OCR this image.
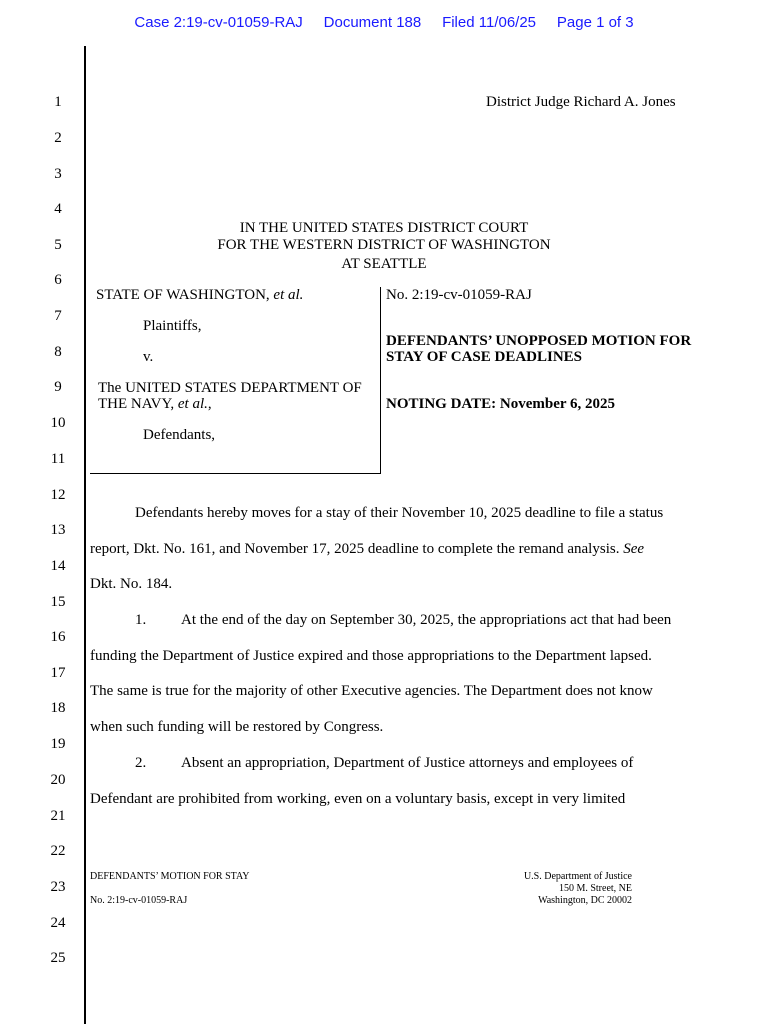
Case 2:19-cv-01059-RAJ Document 188 Filed 11/06/25 Page 1 of 3
1
2
3
4
5
6
7
8
9
10
11
12
13
14
15
16
17
18
19
20
21
22
23
24
25
District Judge Richard A. Jones
IN THE UNITED STATES DISTRICT COURT
FOR THE WESTERN DISTRICT OF WASHINGTON
AT SEATTLE
STATE OF WASHINGTON, et al.
Plaintiffs,
v.
The UNITED STATES DEPARTMENT OF
THE NAVY, et al.,
Defendants,
No. 2:19-cv-01059-RAJ
DEFENDANTS’ UNOPPOSED MOTION FOR
STAY OF CASE DEADLINES
NOTING DATE: November 6, 2025
Defendants hereby moves for a stay of their November 10, 2025 deadline to file a status
report, Dkt. No. 161, and November 17, 2025 deadline to complete the remand analysis. See
Dkt. No. 184.
1. At the end of the day on September 30, 2025, the appropriations act that had been
funding the Department of Justice expired and those appropriations to the Department lapsed.
The same is true for the majority of other Executive agencies. The Department does not know
when such funding will be restored by Congress.
2. Absent an appropriation, Department of Justice attorneys and employees of
Defendant are prohibited from working, even on a voluntary basis, except in very limited
DEFENDANTS’ MOTION FOR STAY
No. 2:19-cv-01059-RAJ
U.S. Department of Justice
150 M. Street, NE
Washington, DC 20002
